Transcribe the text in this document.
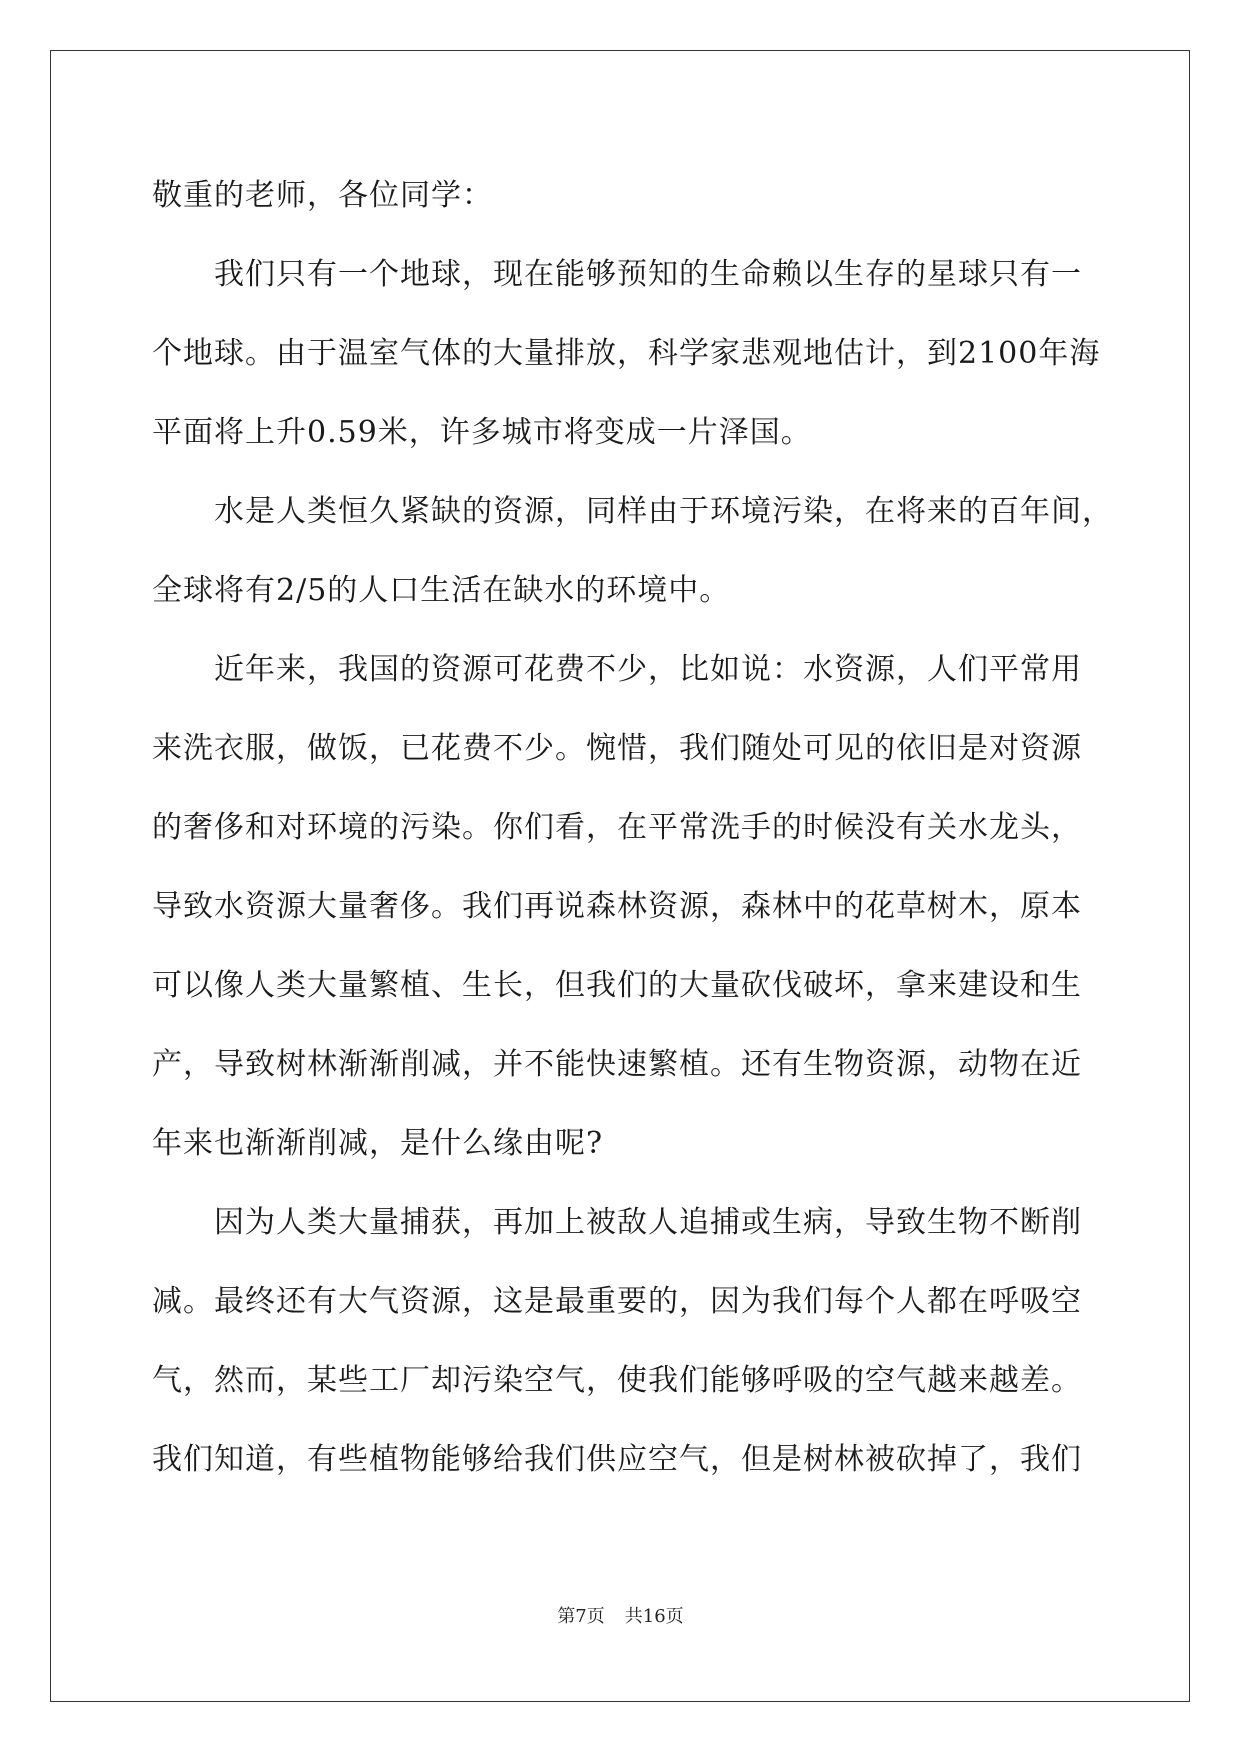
敬重的老师，各位同学：
　　我们只有一个地球，现在能够预知的生命赖以生存的星球只有一
个地球。由于温室气体的大量排放，科学家悲观地估计，到2100年海
平面将上升0.59米，许多城市将变成一片泽国。
　　水是人类恒久紧缺的资源，同样由于环境污染，在将来的百年间，
全球将有2/5的人口生活在缺水的环境中。
　　近年来，我国的资源可花费不少，比如说：水资源，人们平常用
来洗衣服，做饭，已花费不少。惋惜，我们随处可见的依旧是对资源
的奢侈和对环境的污染。你们看，在平常洗手的时候没有关水龙头，
导致水资源大量奢侈。我们再说森林资源，森林中的花草树木，原本
可以像人类大量繁植、生长，但我们的大量砍伐破坏，拿来建设和生
产，导致树林渐渐削减，并不能快速繁植。还有生物资源，动物在近
年来也渐渐削减，是什么缘由呢?
　　因为人类大量捕获，再加上被敌人追捕或生病，导致生物不断削
减。最终还有大气资源，这是最重要的，因为我们每个人都在呼吸空
气，然而，某些工厂却污染空气，使我们能够呼吸的空气越来越差。
我们知道，有些植物能够给我们供应空气，但是树林被砍掉了，我们
第7页 共16页
